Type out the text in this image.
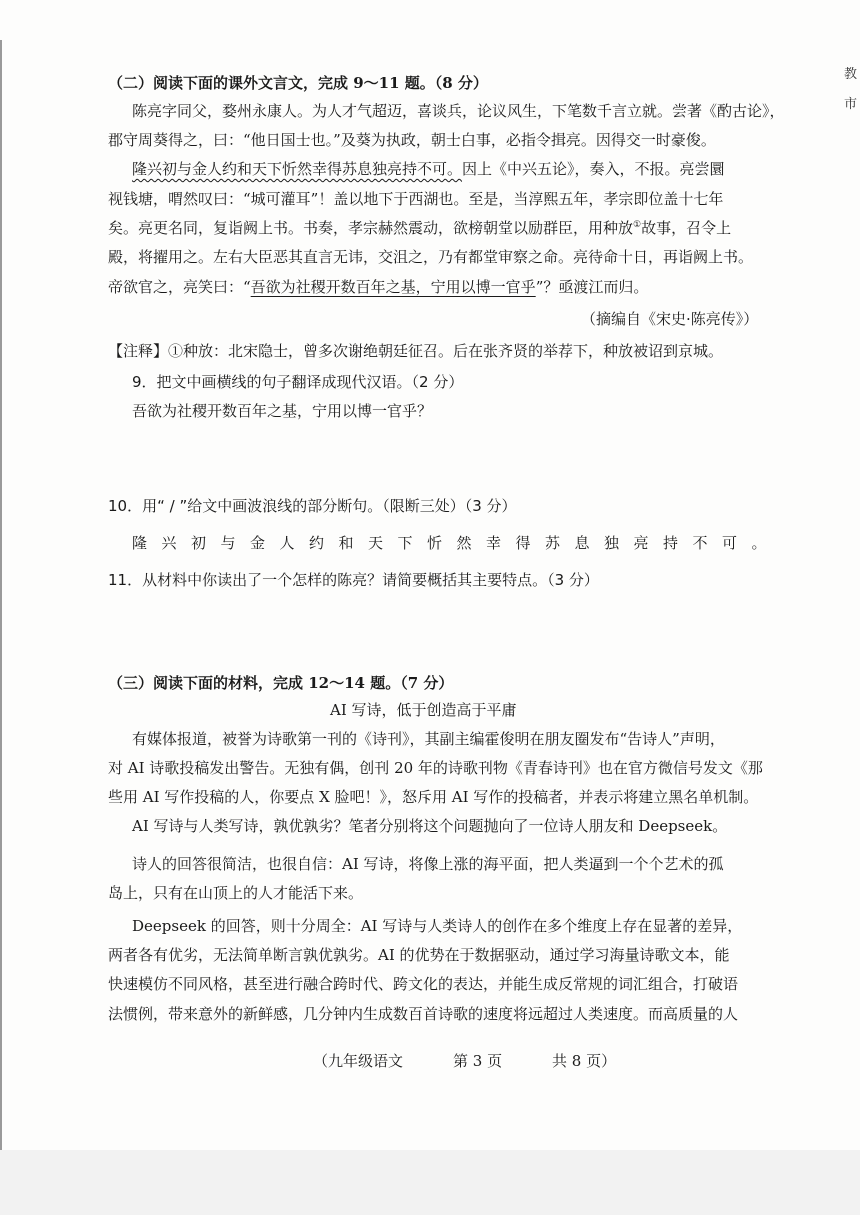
教
市
（二）阅读下面的课外文言文，完成 9～11 题。（8 分）
陈亮字同父，婺州永康人。为人才气超迈，喜谈兵，论议风生，下笔数千言立就。尝著《酌古论》，
郡守周葵得之，曰：“他日国士也。”及葵为执政，朝士白事，必指令揖亮。因得交一时豪俊。
隆兴初与金人约和天下忻然幸得苏息独亮持不可。因上《中兴五论》，奏入，不报。亮尝圜
视钱塘，喟然叹曰：“城可灌耳”！盖以地下于西湖也。至是，当淳熙五年，孝宗即位盖十七年
矣。亮更名同，复诣阙上书。书奏，孝宗赫然震动，欲榜朝堂以励群臣，用种放①故事，召令上
殿，将擢用之。左右大臣恶其直言无讳，交沮之，乃有都堂审察之命。亮待命十日，再诣阙上书。
帝欲官之，亮笑曰：“吾欲为社稷开数百年之基，宁用以博一官乎”？亟渡江而归。
（摘编自《宋史·陈亮传》）
【注释】①种放：北宋隐士，曾多次谢绝朝廷征召。后在张齐贤的举荐下，种放被诏到京城。
9．把文中画横线的句子翻译成现代汉语。（2 分）
吾欲为社稷开数百年之基，宁用以博一官乎？
10．用“ / ”给文中画波浪线的部分断句。（限断三处）（3 分）
隆兴初与金人约和天下忻然幸得苏息独亮持不可。
11．从材料中你读出了一个怎样的陈亮？请简要概括其主要特点。（3 分）
（三）阅读下面的材料，完成 12～14 题。（7 分）
AI 写诗，低于创造高于平庸
有媒体报道，被誉为诗歌第一刊的《诗刊》，其副主编霍俊明在朋友圈发布“告诗人”声明，
对 AI 诗歌投稿发出警告。无独有偶，创刊 20 年的诗歌刊物《青春诗刊》也在官方微信号发文《那
些用 AI 写作投稿的人，你要点 X 脸吧！》，怒斥用 AI 写作的投稿者，并表示将建立黑名单机制。
AI 写诗与人类写诗，孰优孰劣？笔者分别将这个问题抛向了一位诗人朋友和 Deepseek。
诗人的回答很简洁，也很自信：AI 写诗，将像上涨的海平面，把人类逼到一个个艺术的孤
岛上，只有在山顶上的人才能活下来。
Deepseek 的回答，则十分周全：AI 写诗与人类诗人的创作在多个维度上存在显著的差异，
两者各有优劣，无法简单断言孰优孰劣。AI 的优势在于数据驱动，通过学习海量诗歌文本，能
快速模仿不同风格，甚至进行融合跨时代、跨文化的表达，并能生成反常规的词汇组合，打破语
法惯例，带来意外的新鲜感，几分钟内生成数百首诗歌的速度将远超过人类速度。而高质量的人
（九年级语文	第 3 页	共 8 页）
